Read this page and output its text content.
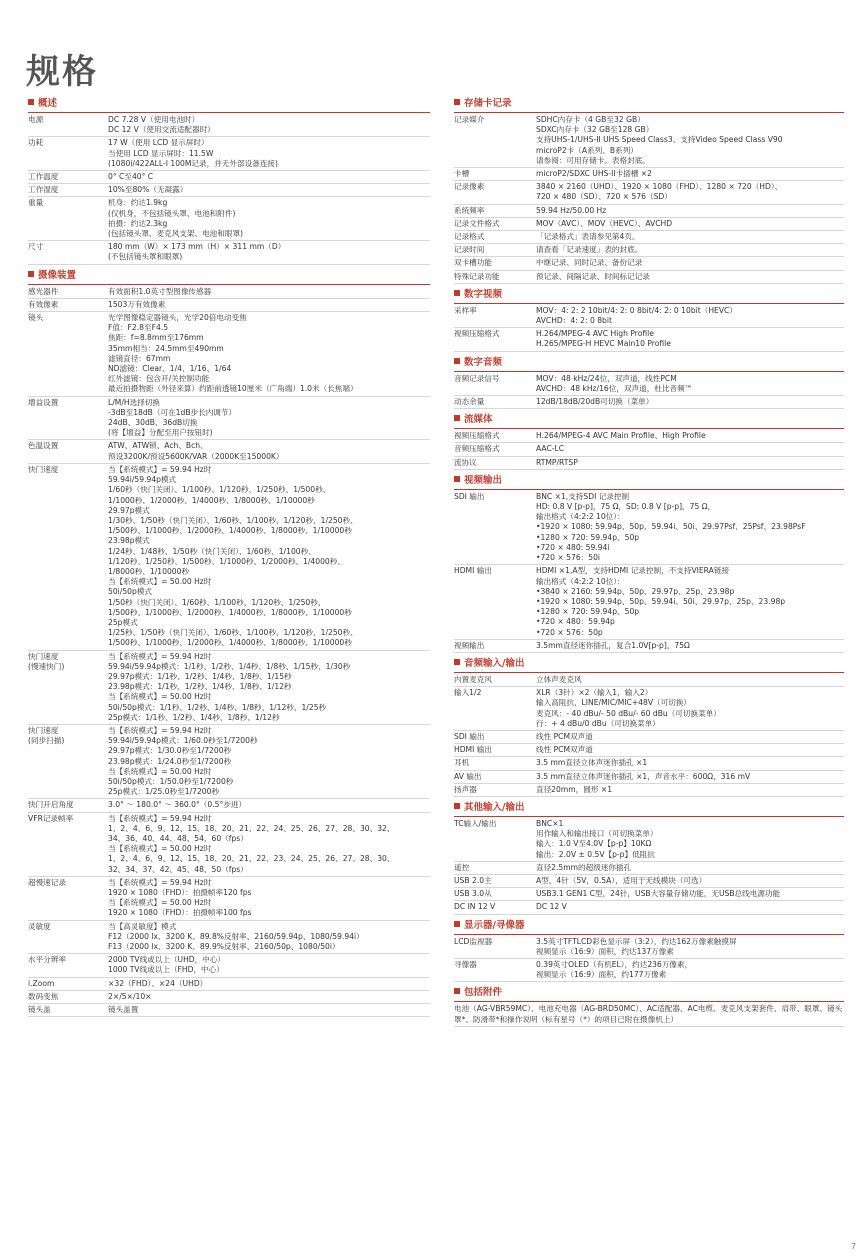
规格
概述
电源	DC 7.28 V（使用电池时）
DC 12 V（使用交流适配器时）
功耗	17 W（使用 LCD 显示屏时）
当使用 LCD 显示屏时：11.5W
(1080i/422ALL-I 100M记录，并无外部设备连接)
工作温度	0° C至40° C
工作湿度	10%至80%（无凝露）
重量	机身：约达1.9kg
(仅机身，不包括镜头罩、电池和附件)
拍摄：约达2.3kg
(包括镜头罩、麦克风支架、电池和眼罩)
尺寸	180 mm（W）× 173 mm（H）× 311 mm（D）
(不包括镜头罩和眼罩)
摄像装置
感光器件	有效面积1.0英寸型图像传感器
有效像素	1503万有效像素
镜头	光学图像稳定器镜头，光学20倍电动变焦
F值：F2.8至F4.5
焦距：f=8.8mm至176mm
35mm相当：24.5mm至490mm
滤镜直径：67mm
ND滤镜：Clear、1/4、1/16、1/64
红外滤镜：包含开/关控制功能
最近拍摄物距（外径来算）约距前透镜10厘米（广角端）1.0米（长焦端）
增益设置	L/M/H选择切换
-3dB至18dB（可在1dB步长内调节）
24dB、30dB、36dB切换
(将【增益】分配至用户按钮时)
色温设置	ATW、ATW锁、Ach、Bch、
预设3200K/预设5600K/VAR（2000K至15000K）
快门速度	当【系统模式】= 59.94 Hz时
59.94i/59.94p模式
1/60秒（快门关闭）、1/100秒、1/120秒、1/250秒、1/500秒、
1/1000秒、1/2000秒、1/4000秒、1/8000秒、1/10000秒
29.97p模式
1/30秒、1/50秒（快门关闭）、1/60秒、1/100秒、1/120秒、1/250秒、
1/500秒、1/1000秒、1/2000秒、1/4000秒、1/8000秒、1/10000秒
23.98p模式
1/24秒、1/48秒、1/50秒（快门关闭）、1/60秒、1/100秒、
1/120秒、1/250秒、1/500秒、1/1000秒、1/2000秒、1/4000秒、
1/8000秒、1/10000秒
当【系统模式】= 50.00 Hz时
50i/50p模式
1/50秒（快门关闭）、1/60秒、1/100秒、1/120秒、1/250秒、
1/500秒、1/1000秒、1/2000秒、1/4000秒、1/8000秒、1/10000秒
25p模式
1/25秒、1/50秒（快门关闭）、1/60秒、1/100秒、1/120秒、1/250秒、
1/500秒、1/1000秒、1/2000秒、1/4000秒、1/8000秒、1/10000秒
快门速度
(慢速快门)
当【系统模式】= 59.94 Hz时
59.94i/59.94p模式：1/1秒、1/2秒、1/4秒、1/8秒、1/15秒、1/30秒
29.97p模式：1/1秒、1/2秒、1/4秒、1/8秒、1/15秒
23.98p模式：1/1秒、1/2秒、1/4秒、1/8秒、1/12秒
当【系统模式】= 50.00 Hz时
50i/50p模式：1/1秒、1/2秒、1/4秒、1/8秒、1/12秒、1/25秒
25p模式：1/1秒、1/2秒、1/4秒、1/8秒、1/12秒
快门速度
(同步扫描)
当【系统模式】= 59.94 Hz时
59.94i/59.94p模式：1/60.0秒至1/7200秒
29.97p模式：1/30.0秒至1/7200秒
23.98p模式：1/24.0秒至1/7200秒
当【系统模式】= 50.00 Hz时
50i/50p模式：1/50.0秒至1/7200秒
25p模式：1/25.0秒至1/7200秒
快门开启角度	3.0° ～ 180.0° ～ 360.0°（0.5°步进）
VFR记录帧率	当【系统模式】= 59.94 Hz时
1、2、4、6、9、12、15、18、20、21、22、24、25、26、27、28、30、32、
34、36、40、44、48、54、60（fps）
当【系统模式】= 50.00 Hz时
1、2、4、6、9、12、15、18、20、21、22、23、24、25、26、27、28、30、
32、34、37、42、45、48、50（fps）
超慢速记录	当【系统模式】= 59.94 Hz时
1920 × 1080（FHD）：拍摄帧率120 fps
当【系统模式】= 50.00 Hz时
1920 × 1080（FHD）：拍摄帧率100 fps
灵敏度	当【高灵敏度】模式
F12（2000 lx、3200 K、89.8%反射率、2160/59.94p、1080/59.94i）
F13（2000 lx、3200 K、89.9%反射率、2160/50p、1080/50i）
水平分辨率	2000 TV线或以上（UHD，中心）
1000 TV线或以上（FHD，中心）
i.Zoom	×32（FHD）、×24（UHD）
数码变焦	2×/5×/10×
镜头盖	镜头盖置
存储卡记录
记录媒介	SDHC内存卡（4 GB至32 GB）
SDXC内存卡（32 GB至128 GB）
支持UHS-1/UHS-II UHS Speed Class3、支持Video Speed Class V90
microP2卡（A系列、B系列）
请参阅：可用存储卡。表格封底。
卡槽	microP2/SDXC UHS-II卡插槽 ×2
记录像素	3840 × 2160（UHD）、1920 × 1080（FHD）、1280 × 720（HD）、
720 × 480（SD）、720 × 576（SD）
系统频率	59.94 Hz/50.00 Hz
记录文件格式	MOV（AVC）、MOV（HEVC）、AVCHD
记录格式	「记录格式」表请参见第4页。
记录时间	请查看「记录速度」表的封底。
双卡槽功能	中继记录、同时记录、备份记录
特殊记录功能	预记录、间隔记录、时间标记记录
数字视频
采样率	MOV：4: 2: 2 10bit/4: 2: 0 8bit/4: 2: 0 10bit（HEVC）
AVCHD：4: 2: 0 8bit
视频压缩格式	H.264/MPEG-4 AVC High Profile
H.265/MPEG-H HEVC Main10 Profile
数字音频
音频记录信号	MOV：48 kHz/24位，双声道，线性PCM
AVCHD：48 kHz/16位，双声道，杜比音频™
动态余量	12dB/18dB/20dB可切换（菜单）
流媒体
视频压缩格式	H.264/MPEG-4 AVC Main Profile、High Profile
音频压缩格式	AAC-LC
流协议	RTMP/RTSP
视频输出
SDI 输出	BNC ×1,支持SDI 记录控制
HD: 0.8 V [p-p]，75 Ω，SD: 0.8 V [p-p]，75 Ω，
输出格式（4:2:2 10位）：
•1920 × 1080: 59.94p、50p、59.94i、50i、29.97Psf、25Psf、23.98PsF
•1280 × 720: 59.94p、50p
•720 × 480: 59.94i
•720 × 576：50i
HDMI 输出	HDMI ×1,A型，支持HDMI 记录控制，不支持VIERA链接
输出格式（4:2:2 10位）：
•3840 × 2160: 59.94p、50p、29.97p、25p、23.98p
•1920 × 1080: 59.94p、50p、59.94i、50i、29.97p、25p、23.98p
•1280 × 720: 59.94p、50p
•720 × 480：59.94p
•720 × 576：50p
视频输出	3.5mm直径迷你插孔，复合1.0V[p-p]，75Ω
音频输入/输出
内置麦克风	立体声麦克风
输入1/2	XLR（3针）×2（输入1，输入2）
输入高阻抗，LINE/MIC/MIC+48V（可切换）
麦克风：- 40 dBu/- 50 dBu/- 60 dBu（可切换菜单）
行：+ 4 dBu/0 dBu（可切换菜单）
SDI 输出	线性 PCM双声道
HDMI 输出	线性 PCM双声道
耳机	3.5 mm直径立体声迷你插孔 ×1
AV 输出	3.5 mm直径立体声迷你插孔 ×1，声音水平：600Ω，316 mV
扬声器	直径20mm，圆形 ×1
其他输入/输出
TC输入/输出	BNC×1
用作输入和输出接口（可切换菜单）
输入：1.0 V至4.0V【p-p】10KΩ
输出：2.0V ± 0.5V【p-p】低阻抗
遥控	直径2.5mm的超级迷你插孔
USB 2.0主	A型，4针（5V，0.5A），适用于无线模块（可选）
USB 3.0从	USB3.1 GEN1 C型，24针，USB大容量存储功能，无USB总线电源功能
DC IN 12 V	DC 12 V
显示器/寻像器
LCD监视器	3.5英寸TFTLCD彩色显示屏（3:2），约达162万像素触摸屏
视频显示（16:9）面积，约达137万像素
寻像器	0.39英寸OLED（有机EL），约达236万像素，
视频显示（16:9）面积，约177万像素
包括附件
电池（AG-VBR59MC）、电池充电器（AG-BRD50MC）、AC适配器、AC电缆、麦克风支架套件、肩带、眼罩、镜头罩*、防滑带*和操作说明（标有星号（*）的项目已附在摄像机上）
7
